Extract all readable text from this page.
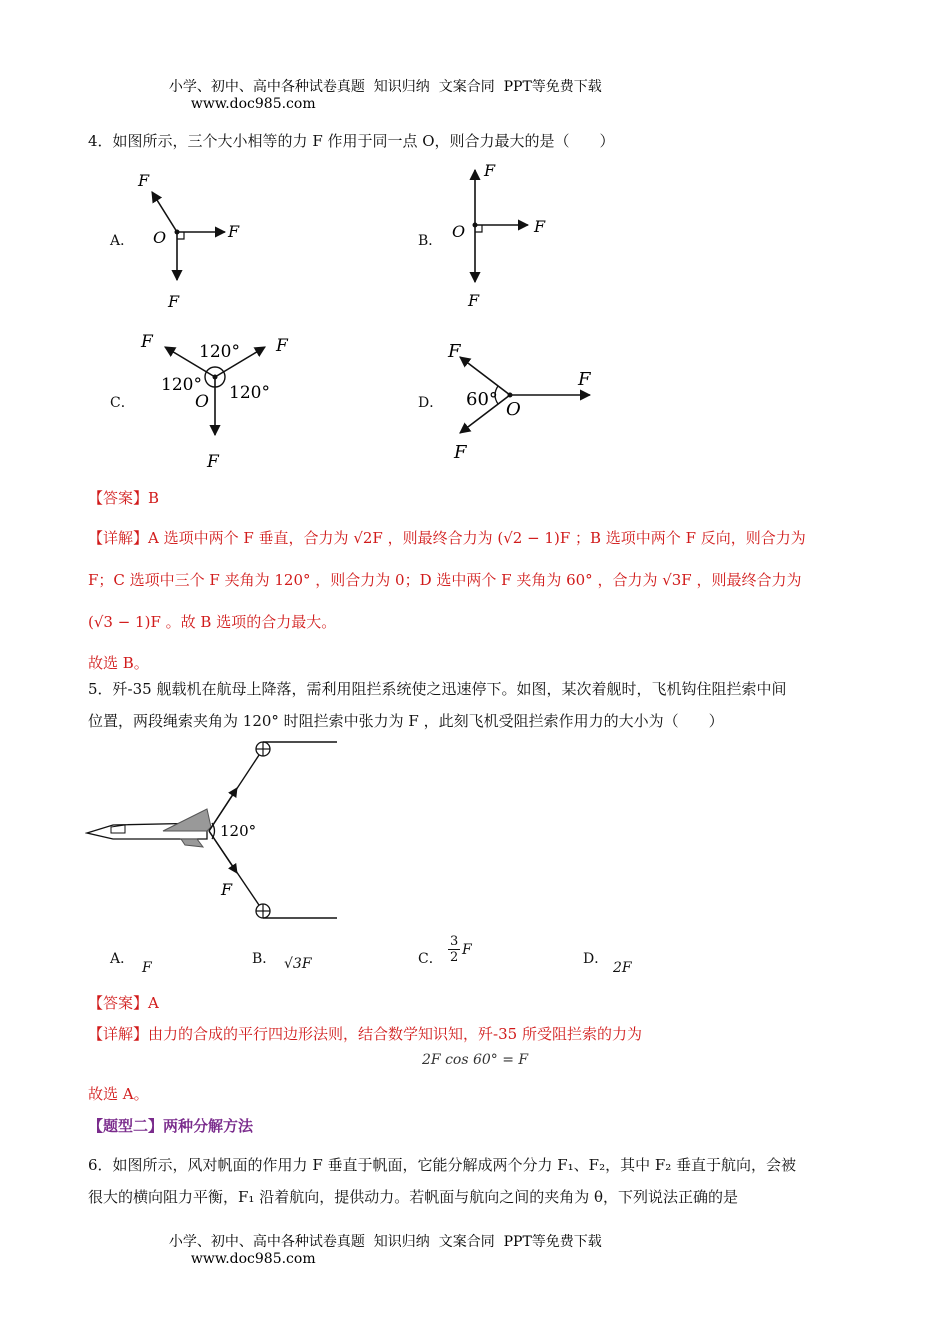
小学、初中、高中各种试卷真题  知识归纳  文案合同  PPT等免费下载
www.doc985.com

4．如图所示，三个大小相等的力 F 作用于同一点 O，则合力最大的是（　　）
A．	B．
C．	D．
F
O	F
F
F
O	F
F
F	F
F
120°
120° 120°
O
F
F
F
60° O
【答案】B
【详解】A 选项中两个 F 垂直，合力为 √2F ，则最终合力为 (√2 − 1)F ；B 选项中两个 F 反向，则合力为
F；C 选项中三个 F 夹角为 120° ，则合力为 0；D 选中两个 F 夹角为 60° ，合力为 √3F ，则最终合力为
(√3 − 1)F 。故 B 选项的合力最大。
故选 B。
5．歼-35 舰载机在航母上降落，需利用阻拦系统使之迅速停下。如图，某次着舰时，飞机钩住阻拦索中间
位置，两段绳索夹角为 120° 时阻拦索中张力为 F ，此刻飞机受阻拦索作用力的大小为（　　）
120°
F
A．
F
B． √3F	C． $\frac{3}{2}$ F
D．
2F
【答案】A
【详解】由力的合成的平行四边形法则，结合数学知识知，歼-35 所受阻拦索的力为
2F cos 60° = F
故选 A。
【题型二】两种分解方法
6．如图所示，风对帆面的作用力 F 垂直于帆面，它能分解成两个分力 F₁、F₂，其中 F₂ 垂直于航向，会被
很大的横向阻力平衡，F₁ 沿着航向，提供动力。若帆面与航向之间的夹角为 θ，下列说法正确的是

小学、初中、高中各种试卷真题  知识归纳  文案合同  PPT等免费下载
www.doc985.com
